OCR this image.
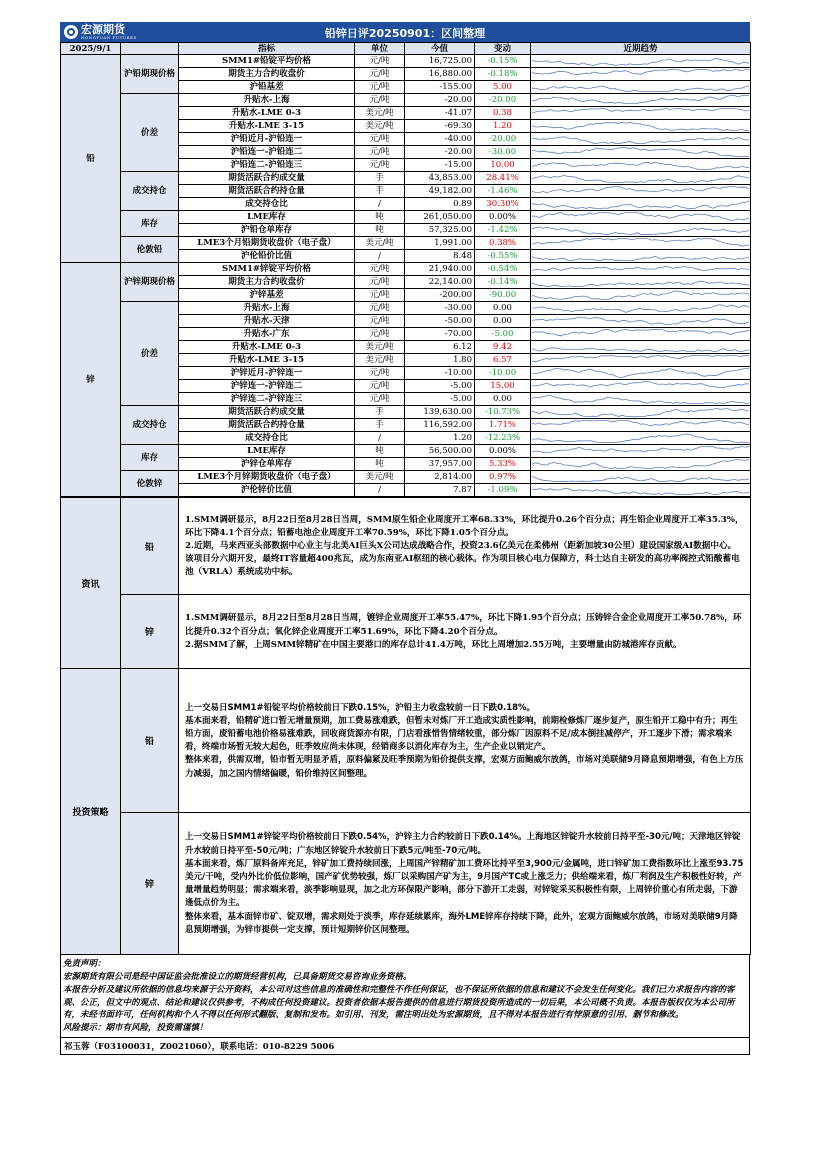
宏源期货
HONGYUAN FUTURES	铅锌日评20250901：区间整理
2025/9/1		指标	单位	今值	变动	近期趋势
铅	沪铅期现价格	SMM1#铅锭平均价格	元/吨	16,725.00	-0.15%	

		期货主力合约收盘价	元/吨	16,880.00	-0.18%	

		沪铅基差	元/吨	-155.00	5.00	

	价差	升贴水-上海	元/吨	-20.00	-20.00	

		升贴水-LME 0-3	美元/吨	-41.07	0.38	

		升贴水-LME 3-15	美元/吨	-69.30	1.20	

		沪铅近月-沪铅连一	元/吨	-40.00	-20.00	

		沪铅连一-沪铅连二	元/吨	-20.00	-30.00	

		沪铅连二-沪铅连三	元/吨	-15.00	10.00	

	成交持仓	期货活跃合约成交量	手	43,853.00	28.41%	

		期货活跃合约持仓量	手	49,182.00	-1.46%	

		成交持仓比	/	0.89	30.30%	

	库存	LME库存	吨	261,050.00	0.00%	

		沪铅仓单库存	吨	57,325.00	-1.42%	

	伦敦铅	LME3个月铅期货收盘价（电子盘）	美元/吨	1,991.00	0.38%	

		沪伦铅价比值	/	8.48	-0.55%	

锌	沪锌期现价格	SMM1#锌锭平均价格	元/吨	21,940.00	-0.54%	

		期货主力合约收盘价	元/吨	22,140.00	-0.14%	

		沪锌基差	元/吨	-200.00	-90.00	

	价差	升贴水-上海	元/吨	-30.00	0.00	

		升贴水-天津	元/吨	-50.00	0.00	

		升贴水-广东	元/吨	-70.00	-5.00	

		升贴水-LME 0-3	美元/吨	6.12	9.42	

		升贴水-LME 3-15	美元/吨	1.80	6.57	

		沪锌近月-沪锌连一	元/吨	-10.00	-10.00	

		沪锌连一-沪锌连二	元/吨	-5.00	15.00	

		沪锌连二-沪锌连三	元/吨	-5.00	0.00	

	成交持仓	期货活跃合约成交量	手	139,630.00	-10.73%	

		期货活跃合约持仓量	手	116,592.00	1.71%	

		成交持仓比	/	1.20	-12.23%	

	库存	LME库存	吨	56,500.00	0.00%	

		沪锌仓单库存	吨	37,957.00	5.33%	

	伦敦锌	LME3个月锌期货收盘价（电子盘）	美元/吨	2,814.00	0.97%	

		沪伦锌价比值	/	7.87	-1.09%	
资讯	铅	1.SMM调研显示，8月22日至8月28日当周，SMM原生铅企业周度开工率68.33%，环比提升0.26个百分点；再生铅企业周度开工率35.3%，环比下降4.1个百分点；铅蓄电池企业周度开工率70.59%，环比下降1.05个百分点。
2.近期，马来西亚头部数据中心业主与北美AI巨头X公司达成战略合作，投资23.6亿美元在柔佛州（距新加坡30公里）建设国家级AI数据中心。该项目分六期开发，最终IT容量超400兆瓦，成为东南亚AI枢纽的核心载体。作为项目核心电力保障方，科士达自主研发的高功率阀控式铅酸蓄电池（VRLA）系统成功中标。
	锌	1.SMM调研显示，8月22日至8月28日当周，镀锌企业周度开工率55.47%，环比下降1.95个百分点；压铸锌合金企业周度开工率50.78%，环比提升0.32个百分点；氧化锌企业周度开工率51.69%，环比下降4.20个百分点。
2.据SMM了解，上周SMM锌精矿在中国主要港口的库存总计41.4万吨，环比上周增加2.55万吨，主要增量由防城港库存贡献。
投资策略	铅	上一交易日SMM1#铅锭平均价格较前日下跌0.15%，沪铅主力收盘较前一日下跌0.18%。
基本面来看，铅精矿进口暂无增量预期，加工费易涨难跌，但暂未对炼厂开工造成实质性影响，前期检修炼厂逐步复产，原生铅开工稳中有升；再生铅方面，废铅蓄电池价格易涨难跌，回收商货源亦有限，门店看涨惜售情绪较重，部分炼厂因原料不足/成本倒挂减停产，开工逐步下滑；需求端来看，终端市场暂无较大起色，旺季效应尚未体现，经销商多以消化库存为主，生产企业以销定产。
整体来看，供需双增，铅市暂无明显矛盾，原料偏紧及旺季预期为铅价提供支撑，宏观方面鲍威尔放鸽，市场对美联储9月降息预期增强，有色上方压力减弱，加之国内情绪偏暖，铅价维持区间整理。
	锌	上一交易日SMM1#锌锭平均价格较前日下跌0.54%，沪锌主力合约较前日下跌0.14%。上海地区锌锭升水较前日持平至-30元/吨；天津地区锌锭升水较前日持平至-50元/吨；广东地区锌锭升水较前日下跌5元/吨至-70元/吨。
基本面来看，炼厂原料备库充足，锌矿加工费持续回涨，上周国产锌精矿加工费环比持平至3,900元/金属吨，进口锌矿加工费指数环比上涨至93.75美元/干吨，受内外比价低位影响，国产矿优势较强，炼厂以采购国产矿为主，9月国产TC或上涨乏力；供给端来看，炼厂利润及生产积极性好转，产量增量趋势明显；需求端来看，淡季影响显现，加之北方环保限产影响，部分下游开工走弱，对锌锭采买积极性有限，上周锌价重心有所走弱，下游逢低点价为主。
整体来看，基本面锌市矿、锭双增，需求则处于淡季，库存延续累库，海外LME锌库存持续下降，此外，宏观方面鲍威尔放鸽，市场对美联储9月降息预期增强，为锌市提供一定支撑，预计短期锌价区间整理。

免责声明：

宏源期货有限公司是经中国证监会批准设立的期货经营机构，已具备期货交易咨询业务资格。
本报告分析及建议所依据的信息均来源于公开资料，本公司对这些信息的准确性和完整性不作任何保证，也不保证所依据的信息和建议不会发生任何变化。我们已力求报告内容的客观、公正，但文中的观点、结论和建议仅供参考，不构成任何投资建议。投资者依据本报告提供的信息进行期货投资所造成的一切后果，本公司概不负责。本报告版权仅为本公司所有，未经书面许可，任何机构和个人不得以任何形式翻版、复制和发布。如引用、刊发，需注明出处为宏源期货，且不得对本报告进行有悖原意的引用、删节和修改。
风险提示：期市有风险，投资需谨慎！

祁玉蓉（F03100031，Z0021060），联系电话：010-8229 5006
